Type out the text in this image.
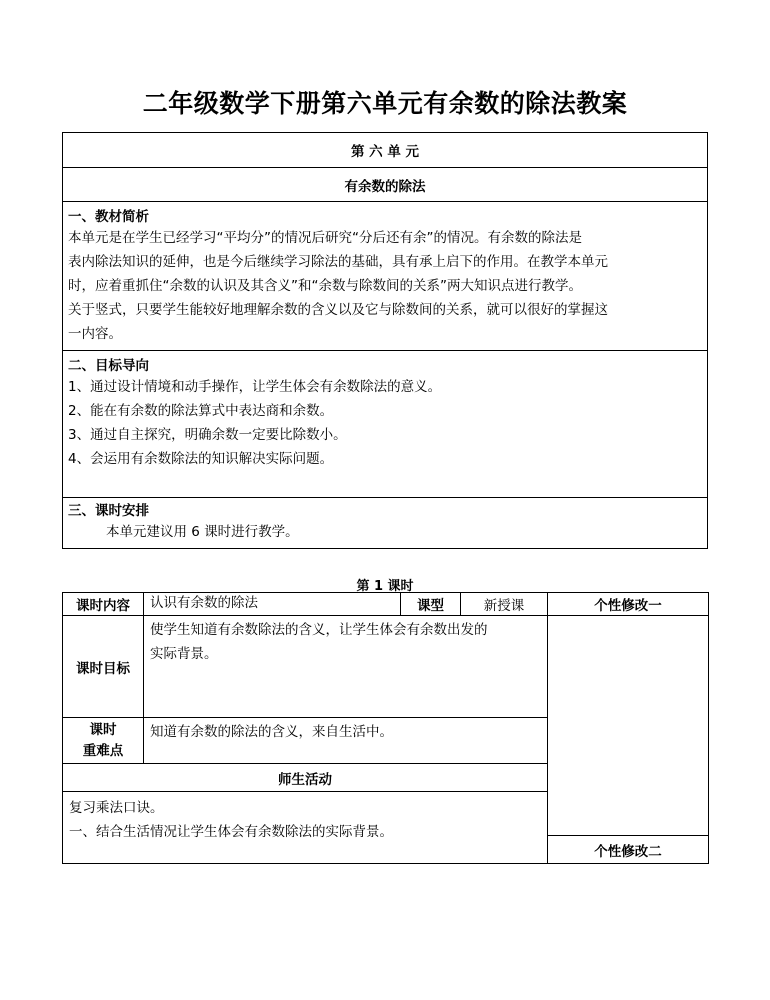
二年级数学下册第六单元有余数的除法教案
第 六 单 元
有余数的除法

一、教材简析
本单元是在学生已经学习“平均分”的情况后研究“分后还有余”的情况。有余数的除法是
表内除法知识的延伸，也是今后继续学习除法的基础，具有承上启下的作用。在教学本单元
时，应着重抓住“余数的认识及其含义”和“余数与除数间的关系”两大知识点进行教学。
关于竖式，只要学生能较好地理解余数的含义以及它与除数间的关系，就可以很好的掌握这
一内容。

二、目标导向
1、通过设计情境和动手操作，让学生体会有余数除法的意义。
2、能在有余数的除法算式中表达商和余数。
3、通过自主探究，明确余数一定要比除数小。
4、会运用有余数除法的知识解决实际问题。

三、课时安排
本单元建议用 6 课时进行教学。
第 1 课时
课时内容	认识有余数的除法	课型	新授课	个性修改一
课时目标	使学生知道有余数除法的含义，让学生体会有余数出发的
实际背景。			

课时
重难点	知道有余数的除法的含义，来自生活中。			
师生活动				

复习乘法口诀。
一、结合生活情况让学生体会有余数除法的实际背景。				

				个性修改二
